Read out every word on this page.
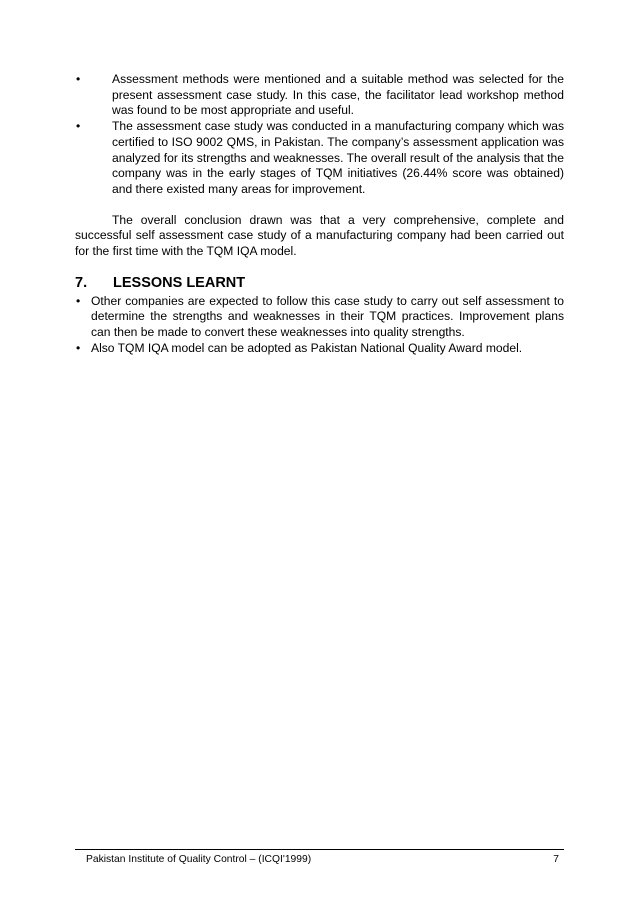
•	Assessment methods were mentioned and a suitable method was selected for the present assessment case study. In this case, the facilitator lead workshop method was found to be most appropriate and useful.
•	The assessment case study was conducted in a manufacturing company which was certified to ISO 9002 QMS, in Pakistan. The company’s assessment application was analyzed for its strengths and weaknesses. The overall result of the analysis that the company was in the early stages of TQM initiatives (26.44% score was obtained) and there existed many areas for improvement.

The overall conclusion drawn was that a very comprehensive, complete and successful self assessment case study of a manufacturing company had been carried out for the first time with the TQM IQA model.

7.	LESSONS LEARNT
• Other companies are expected to follow this case study to carry out self assessment to determine the strengths and weaknesses in their TQM practices. Improvement plans can then be made to convert these weaknesses into quality strengths.
• Also TQM IQA model can be adopted as Pakistan National Quality Award model.
Pakistan Institute of Quality Control – (ICQI'1999)	7
